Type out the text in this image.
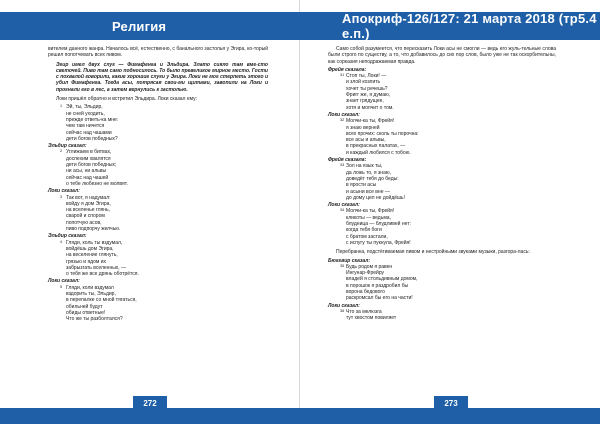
Религия

вителем данного жанра. Началось всё, естественно, с банального застолья у Эгира, ко-торый решил попотчевать всех пивом.

Эгир имел двух слуг — Фимафенга и Эльдира. Злато сияло там вме-сто светочей. Пиво там само подносилось. То было превеликое мирное место. Гости с похвалой говорили, какие хорошие слуги у Эгира. Локи не мог стерпеть этого и убил Фимафенга. Тогда асы, потрясая свои-ми щитами, завопили на Локи и прогнали его в лес, а затем вернулись к застолью.

Локи пришёл обратно и встретил Эльдира. Локи сказал ему:

1 Эй, ты, Эльдир,
не сней уходить,
прежде ответь-ка мне:
чем там ничется
сейчас над чашами
дети богов победных?
Эльдир сказал:
2 Углижаем в битвах,
доспехим хвалятся
дети богов победных;
ни асы, ни альвы
сейчас над чашей
о тебе любезно не молвят.
Локи сказал:
3 Так вот, я надумал:
войду я дом Эгира,
на вселенье глянь,
сварой и спором
попотчую асов,
пиво подпорчу желчью.
Эльдир сказал:
4 Гляди, коль ты вздумал,
войдёшь дом Эгира,
на веселение глянуть,
грязью и ядом их
забрызгать вселенных, —
о тебя же все дрянь оботрётся.
Локи сказал:
5 Гляди, коли вздумал
вздорить ты, Эльдир,
в перепалке со мной тягаться,
обильней будут
обиды ответные!
Что же ты разболтался?
272
Апокриф-126/127: 21 марта 2018 (тр5.4 е.п.)
273

Само собой разумеется, что пересказить Локи асы не смогли — ведь его жуль-тельные слова были строго по существу, а то, что добавилось до сих пор слов, было уже не так оскорбительны, как сорказия неподражаемая правда.

Фрейя сказала:
31 Стоп ты, Локи! —
и злой козлить
хочет ты речешь?
Фригг же, я думаю,
знает грядущее,
хотя и молчит о том.
Локи сказал:
32 Молчи-ка ты, Фрейя!
я знаю верней
всех прочих: сколь ты порочна:
все асы и альвы,
в прекрасных палатах, —
и каждый любился с тобою.
Фрейя сказала:
33 Зол на язык ты,
да ложь то, я знаю,
доведёт тебя до беды:
в ярости асы
и асыни все вне —
до дому цел не дойдёшь!
Локи сказал:
34 Молчи-ка ты, Фрейя!
кликоты — ведьма,
блудница — блудливей нет:
когда тебя боги
с братом застали,
с испугу ты пукнула, Фрейя!

Перебранка, подстёгиваемая пивом и нестройными звуками музыки, разгора-лась:

Бюггвир сказал:
35 Будь родом я равен
Ингунар-Фрейру
владей я стольдивным домом,
в порошок я раздробил бы
ворона бедового
раскромсал бы его на части!
Локи сказал:
36 Что за мелюзга
тут хвостом повиляет
